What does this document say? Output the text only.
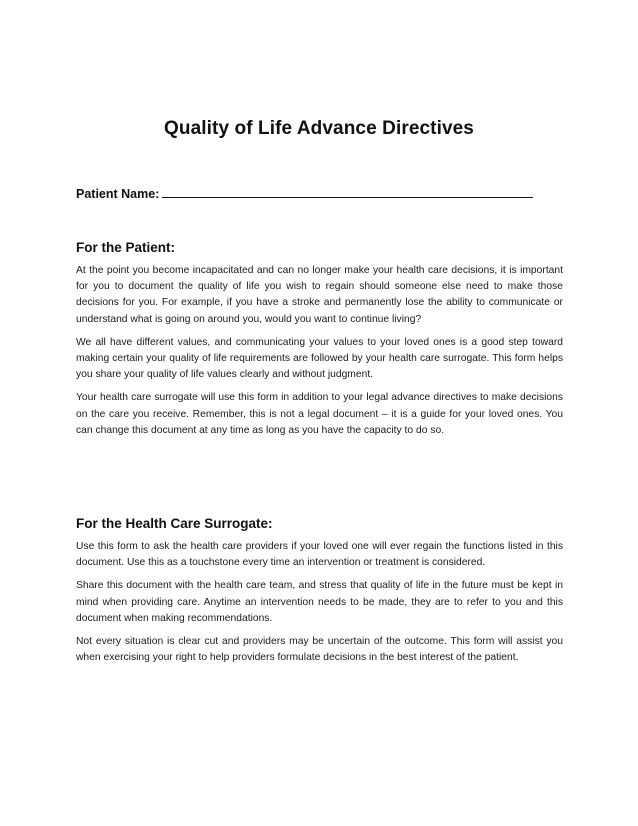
Quality of Life Advance Directives
Patient Name:
For the Patient:

At the point you become incapacitated and can no longer make your health care decisions, it is important for you to document the quality of life you wish to regain should someone else need to make those decisions for you. For example, if you have a stroke and permanently lose the ability to communicate or understand what is going on around you, would you want to continue living?

We all have different values, and communicating your values to your loved ones is a good step toward making certain your quality of life requirements are followed by your health care surrogate. This form helps you share your quality of life values clearly and without judgment.

Your health care surrogate will use this form in addition to your legal advance directives to make decisions on the care you receive. Remember, this is not a legal document – it is a guide for your loved ones. You can change this document at any time as long as you have the capacity to do so.

For the Health Care Surrogate:

Use this form to ask the health care providers if your loved one will ever regain the functions listed in this document. Use this as a touchstone every time an intervention or treatment is considered.

Share this document with the health care team, and stress that quality of life in the future must be kept in mind when providing care. Anytime an intervention needs to be made, they are to refer to you and this document when making recommendations.

Not every situation is clear cut and providers may be uncertain of the outcome. This form will assist you when exercising your right to help providers formulate decisions in the best interest of the patient.
